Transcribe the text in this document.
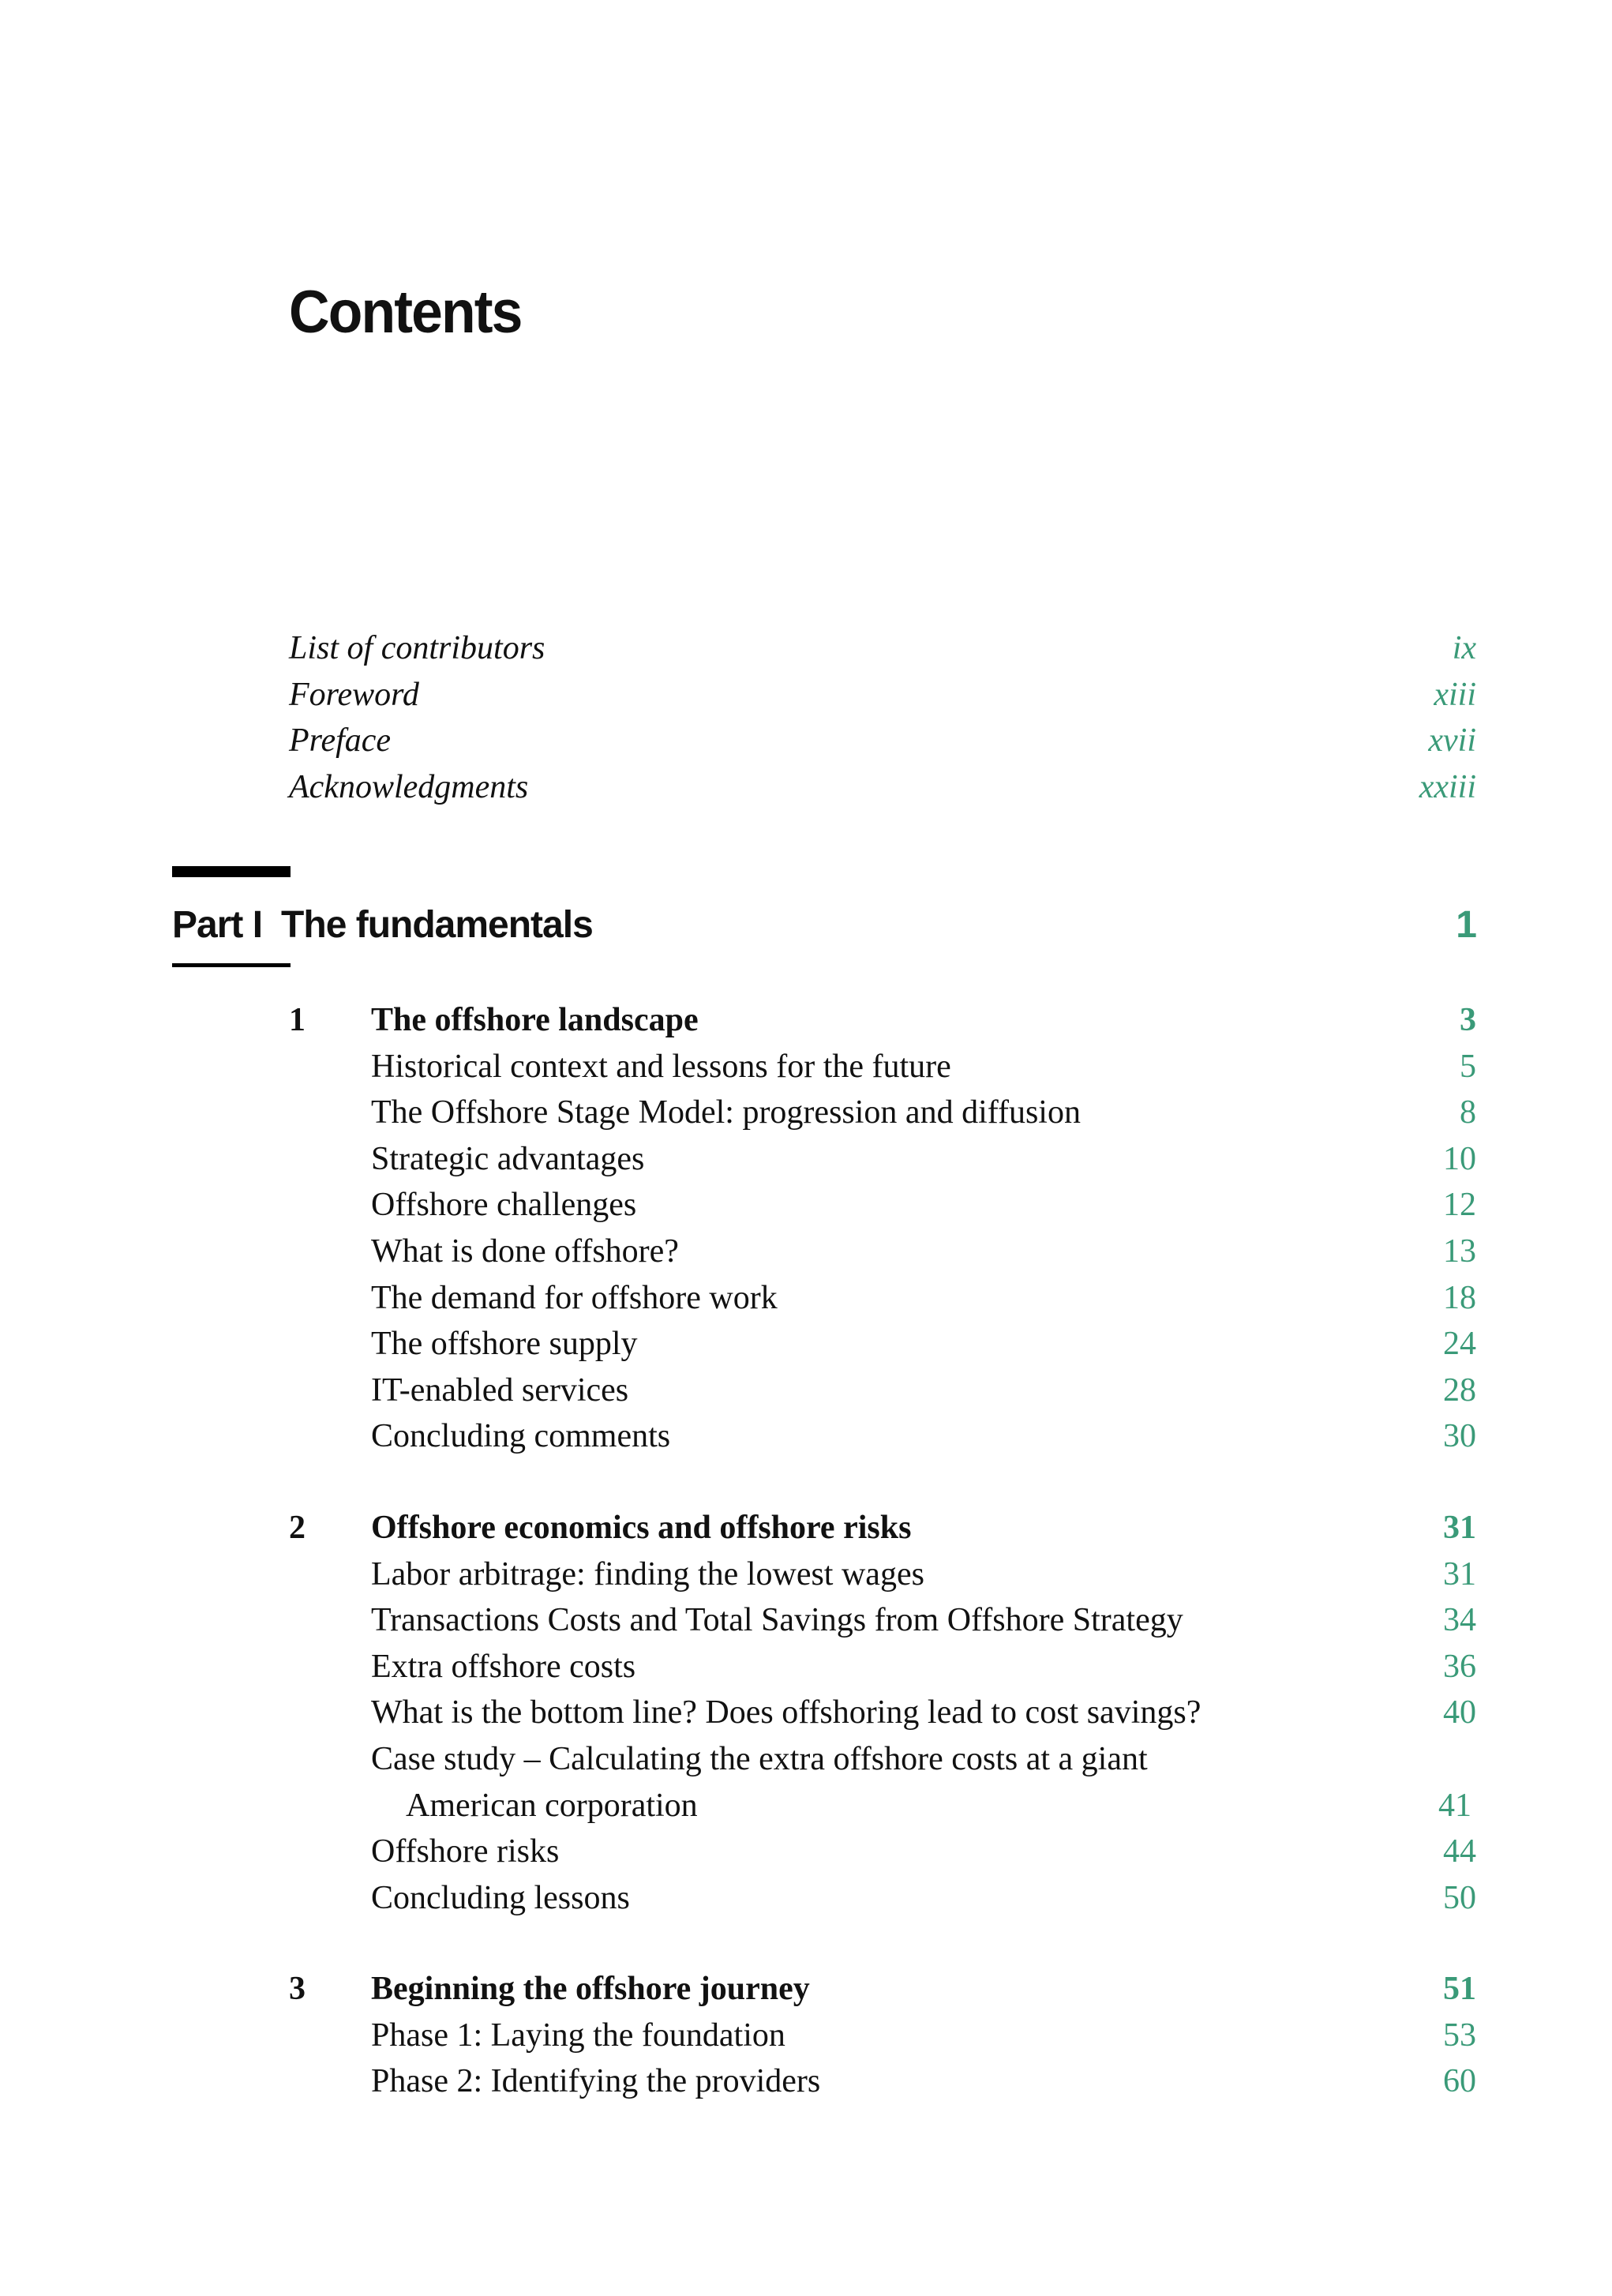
Contents
List of contributors	ix
Foreword	xiii
Preface	xvii
Acknowledgments	xxiii
Part I The fundamentals	1
1 The offshore landscape	3
Historical context and lessons for the future	5
The Offshore Stage Model: progression and diffusion	8
Strategic advantages	10
Offshore challenges	12
What is done offshore?	13
The demand for offshore work	18
The offshore supply	24
IT-enabled services	28
Concluding comments	30
2 Offshore economics and offshore risks	31
Labor arbitrage: finding the lowest wages	31
Transactions Costs and Total Savings from Offshore Strategy	34
Extra offshore costs	36
What is the bottom line? Does offshoring lead to cost savings?	40
Case study – Calculating the extra offshore costs at a giant
American corporation	41
Offshore risks	44
Concluding lessons	50
3 Beginning the offshore journey	51
Phase 1: Laying the foundation	53
Phase 2: Identifying the providers	60
